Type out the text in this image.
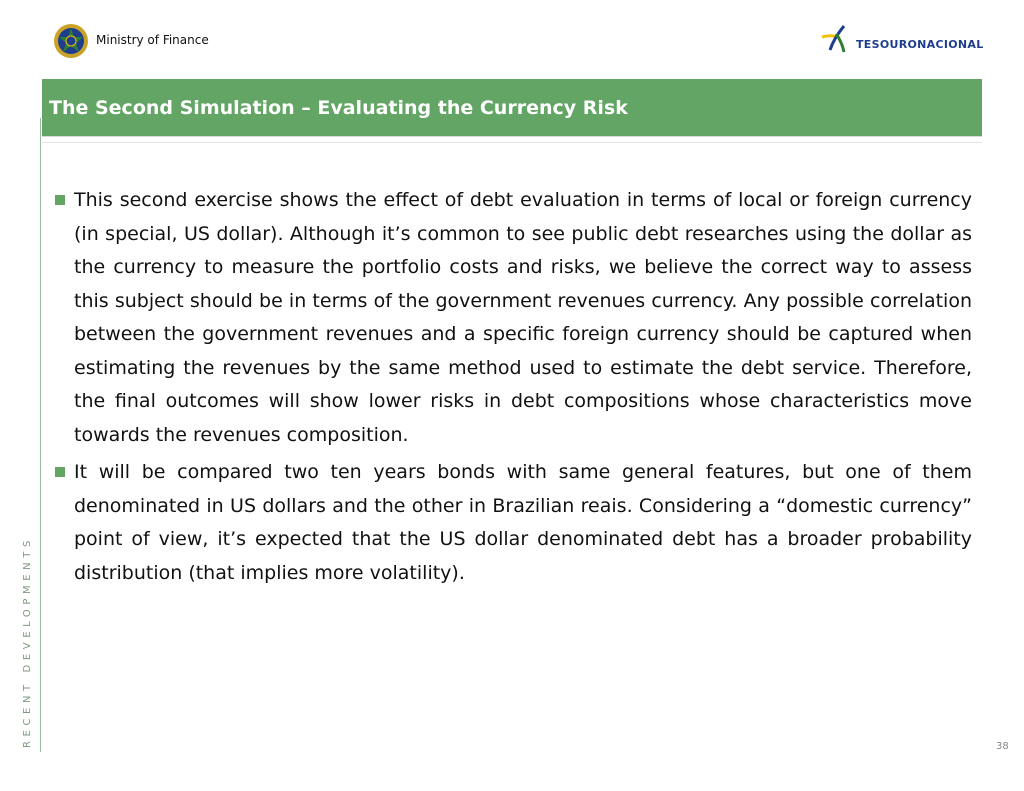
Ministry of Finance	TESOURONACIONAL
The Second Simulation – Evaluating the Currency Risk
RECENT DEVELOPMENTS

This second exercise shows the effect of debt evaluation in terms of local or foreign currency (in special, US dollar). Although it’s common to see public debt researches using the dollar as the currency to measure the portfolio costs and risks, we believe the correct way to assess this subject should be in terms of the government revenues currency. Any possible correlation between the government revenues and a specific foreign currency should be captured when estimating the revenues by the same method used to estimate the debt service. Therefore, the final outcomes will show lower risks in debt compositions whose characteristics move towards the revenues composition.

It will be compared two ten years bonds with same general features, but one of them denominated in US dollars and the other in Brazilian reais. Considering a “domestic currency” point of view, it’s expected that the US dollar denominated debt has a broader probability distribution (that implies more volatility).

38
